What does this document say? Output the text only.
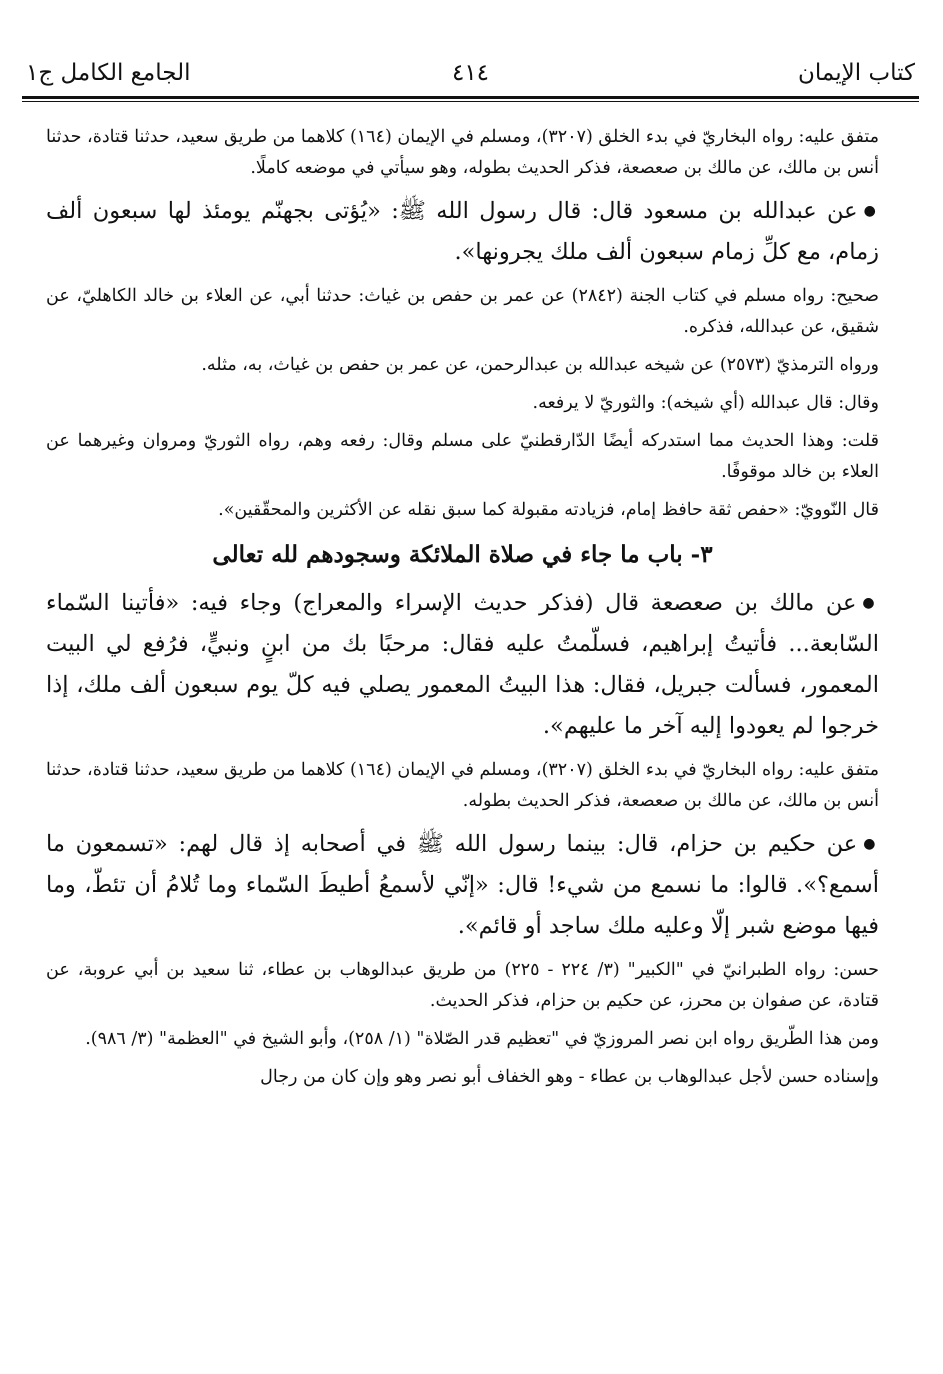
كتاب الإيمان
٤١٤
الجامع الكامل ج١

متفق عليه: رواه البخاريّ في بدء الخلق (٣٢٠٧)، ومسلم في الإيمان (١٦٤) كلاهما من طريق سعيد، حدثنا قتادة، حدثنا أنس بن مالك، عن مالك بن صعصعة، فذكر الحديث بطوله، وهو سيأتي في موضعه كاملًا.

●عن عبدالله بن مسعود قال: قال رسول الله ﷺ: «يُؤتى بجهنّم يومئذ لها سبعون ألف زمام، مع كلِّ زمام سبعون ألف ملك يجرونها».

صحيح: رواه مسلم في كتاب الجنة (٢٨٤٢) عن عمر بن حفص بن غياث: حدثنا أبي، عن العلاء بن خالد الكاهليّ، عن شقيق، عن عبدالله، فذكره.

ورواه الترمذيّ (٢٥٧٣) عن شيخه عبدالله بن عبدالرحمن، عن عمر بن حفص بن غياث، به، مثله.

وقال: قال عبدالله (أي شيخه): والثوريّ لا يرفعه.

قلت: وهذا الحديث مما استدركه أيضًا الدّارقطنيّ على مسلم وقال: رفعه وهم، رواه الثوريّ ومروان وغيرهما عن العلاء بن خالد موقوفًا.

قال النّوويّ: «حفص ثقة حافظ إمام، فزيادته مقبولة كما سبق نقله عن الأكثرين والمحقّقين».

٣- باب ما جاء في صلاة الملائكة وسجودهم لله تعالى

●عن مالك بن صعصعة قال (فذكر حديث الإسراء والمعراج) وجاء فيه: «فأتينا السّماء السّابعة... فأتيتُ إبراهيم، فسلّمتُ عليه فقال: مرحبًا بك من ابنٍ ونبيٍّ، فرُفع لي البيت المعمور، فسألت جبريل، فقال: هذا البيتُ المعمور يصلي فيه كلّ يوم سبعون ألف ملك، إذا خرجوا لم يعودوا إليه آخر ما عليهم».

متفق عليه: رواه البخاريّ في بدء الخلق (٣٢٠٧)، ومسلم في الإيمان (١٦٤) كلاهما من طريق سعيد، حدثنا قتادة، حدثنا أنس بن مالك، عن مالك بن صعصعة، فذكر الحديث بطوله.

●عن حكيم بن حزام، قال: بينما رسول الله ﷺ في أصحابه إذ قال لهم: «تسمعون ما أسمع؟». قالوا: ما نسمع من شيء! قال: «إنّي لأسمعُ أطيطَ السّماء وما تُلامُ أن تئطّ، وما فيها موضع شبر إلّا وعليه ملك ساجد أو قائم».

حسن: رواه الطبرانيّ في "الكبير" (٣/ ٢٢٤ - ٢٢٥) من طريق عبدالوهاب بن عطاء، ثنا سعيد بن أبي عروبة، عن قتادة، عن صفوان بن محرز، عن حكيم بن حزام، فذكر الحديث.

ومن هذا الطّريق رواه ابن نصر المروزيّ في "تعظيم قدر الصّلاة" (١/ ٢٥٨)، وأبو الشيخ في "العظمة" (٣/ ٩٨٦).

وإسناده حسن لأجل عبدالوهاب بن عطاء - وهو الخفاف أبو نصر وهو وإن كان من رجال
